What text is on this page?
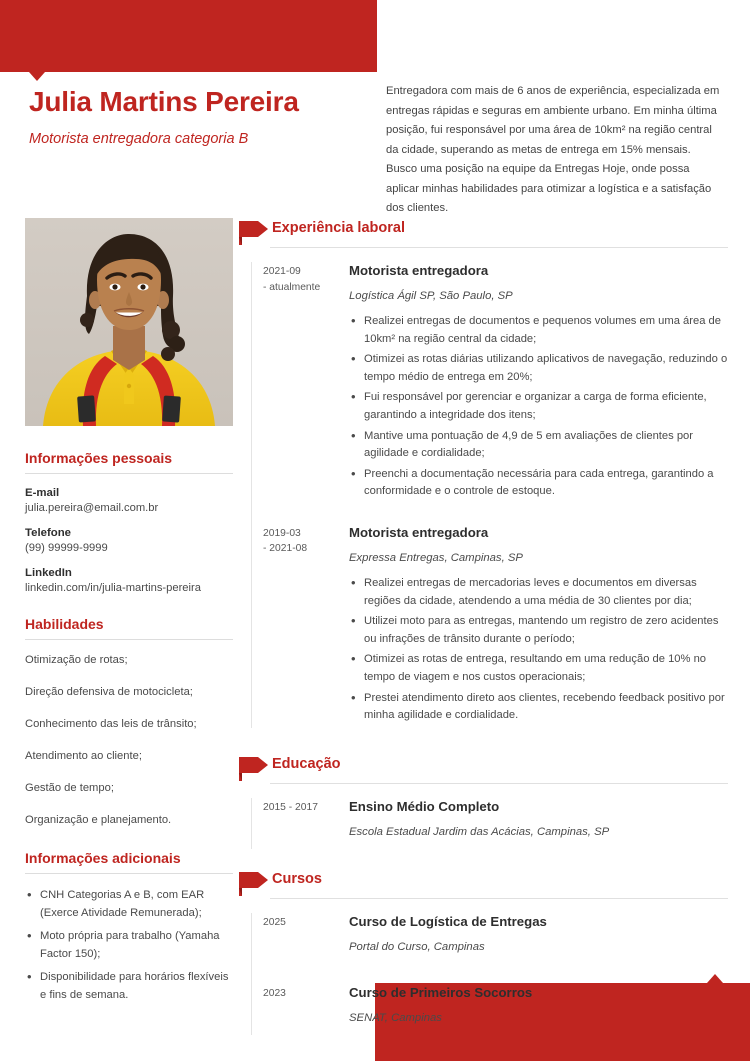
Julia Martins Pereira
Motorista entregadora categoria B

Entregadora com mais de 6 anos de experiência, especializada em entregas rápidas e seguras em ambiente urbano. Em minha última posição, fui responsável por uma área de 10km² na região central da cidade, superando as metas de entrega em 15% mensais. Busco uma posição na equipe da Entregas Hoje, onde possa aplicar minhas habilidades para otimizar a logística e a satisfação dos clientes.

Informações pessoais
E-mail
julia.pereira@email.com.br
Telefone
(99) 99999-9999
LinkedIn
linkedin.com/in/julia-martins-pereira
Habilidades
Otimização de rotas;
Direção defensiva de motocicleta;
Conhecimento das leis de trânsito;
Atendimento ao cliente;
Gestão de tempo;
Organização e planejamento.
Informações adicionais
• CNH Categorias A e B, com EAR (Exerce Atividade Remunerada);
• Moto própria para trabalho (Yamaha Factor 150);
• Disponibilidade para horários flexíveis e fins de semana.
Experiência laboral
2021-09
- atualmente
Motorista entregadora
Logística Ágil SP, São Paulo, SP
• Realizei entregas de documentos e pequenos volumes em uma área de 10km² na região central da cidade;
• Otimizei as rotas diárias utilizando aplicativos de navegação, reduzindo o tempo médio de entrega em 20%;
• Fui responsável por gerenciar e organizar a carga de forma eficiente, garantindo a integridade dos itens;
• Mantive uma pontuação de 4,9 de 5 em avaliações de clientes por agilidade e cordialidade;
• Preenchi a documentação necessária para cada entrega, garantindo a conformidade e o controle de estoque.
2019-03
- 2021-08
Motorista entregadora
Expressa Entregas, Campinas, SP
• Realizei entregas de mercadorias leves e documentos em diversas regiões da cidade, atendendo a uma média de 30 clientes por dia;
• Utilizei moto para as entregas, mantendo um registro de zero acidentes ou infrações de trânsito durante o período;
• Otimizei as rotas de entrega, resultando em uma redução de 10% no tempo de viagem e nos custos operacionais;
• Prestei atendimento direto aos clientes, recebendo feedback positivo por minha agilidade e cordialidade.
Educação
2015 - 2017	Ensino Médio Completo
Escola Estadual Jardim das Acácias, Campinas, SP
Cursos
2025	Curso de Logística de Entregas
Portal do Curso, Campinas
2023	Curso de Primeiros Socorros
SENAT, Campinas
